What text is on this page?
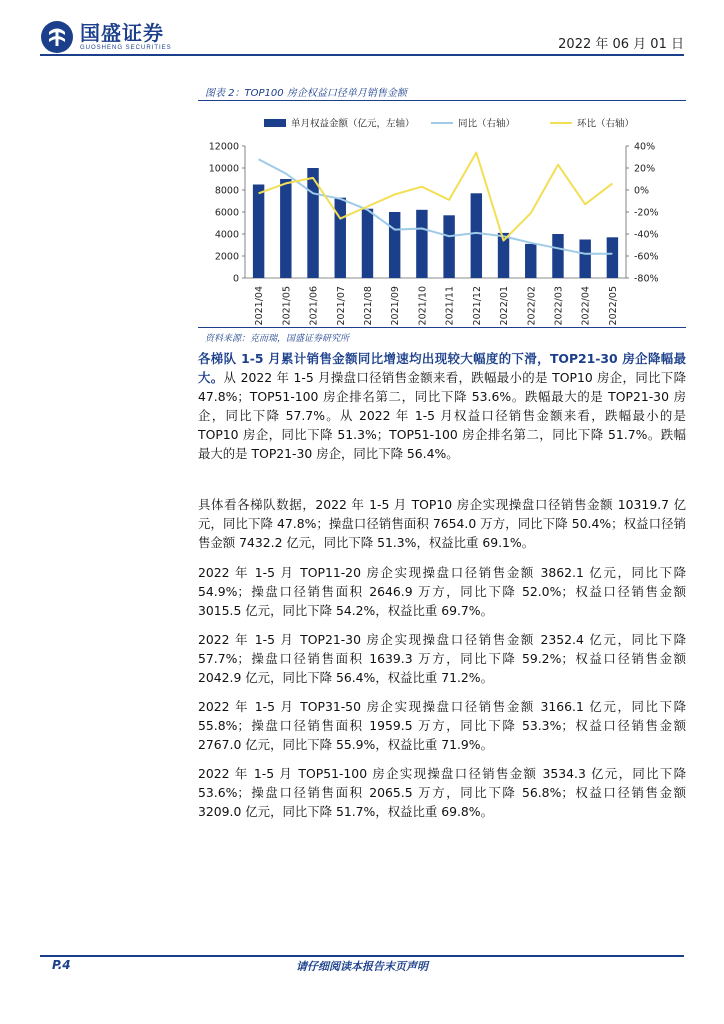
国盛证券
GUOSHENG SECURITIES	2022 年 06 月 01 日
图表 2：TOP100 房企权益口径单月销售金额
0
2000
4000
6000
8000
10000
12000
-80%
-60%
-40%
-20%
0%
20%
40%
2021/04 2021/05 2021/06 2021/07 2021/08 2021/09 2021/10 2021/11 2021/12 2022/01 2022/02 2022/03 2022/04 2022/05
单月权益金额（亿元，左轴）	同比（右轴）	环比（右轴）
资料来源：克而瑞，国盛证券研究所
各梯队 1-5 月累计销售金额同比增速均出现较大幅度的下滑，TOP21-30 房企降幅最大。从 2022 年 1-5 月操盘口径销售金额来看，跌幅最小的是 TOP10 房企，同比下降 47.8%；TOP51-100 房企排名第二，同比下降 53.6%。跌幅最大的是 TOP21-30 房企，同比下降 57.7%。从 2022 年 1-5 月权益口径销售金额来看，跌幅最小的是 TOP10 房企，同比下降 51.3%；TOP51-100 房企排名第二，同比下降 51.7%。跌幅最大的是 TOP21-30 房企，同比下降 56.4%。
具体看各梯队数据，2022 年 1-5 月 TOP10 房企实现操盘口径销售金额 10319.7 亿元，同比下降 47.8%；操盘口径销售面积 7654.0 万方，同比下降 50.4%；权益口径销售金额 7432.2 亿元，同比下降 51.3%，权益比重 69.1%。
2022 年 1-5 月 TOP11-20 房企实现操盘口径销售金额 3862.1 亿元，同比下降 54.9%；操盘口径销售面积 2646.9 万方，同比下降 52.0%；权益口径销售金额 3015.5 亿元，同比下降 54.2%，权益比重 69.7%。
2022 年 1-5 月 TOP21-30 房企实现操盘口径销售金额 2352.4 亿元，同比下降 57.7%；操盘口径销售面积 1639.3 万方，同比下降 59.2%；权益口径销售金额 2042.9 亿元，同比下降 56.4%，权益比重 71.2%。
2022 年 1-5 月 TOP31-50 房企实现操盘口径销售金额 3166.1 亿元，同比下降 55.8%；操盘口径销售面积 1959.5 万方，同比下降 53.3%；权益口径销售金额 2767.0 亿元，同比下降 55.9%，权益比重 71.9%。
2022 年 1-5 月 TOP51-100 房企实现操盘口径销售金额 3534.3 亿元，同比下降 53.6%；操盘口径销售面积 2065.5 万方，同比下降 56.8%；权益口径销售金额 3209.0 亿元，同比下降 51.7%，权益比重 69.8%。
请仔细阅读本报告末页声明
P.4
